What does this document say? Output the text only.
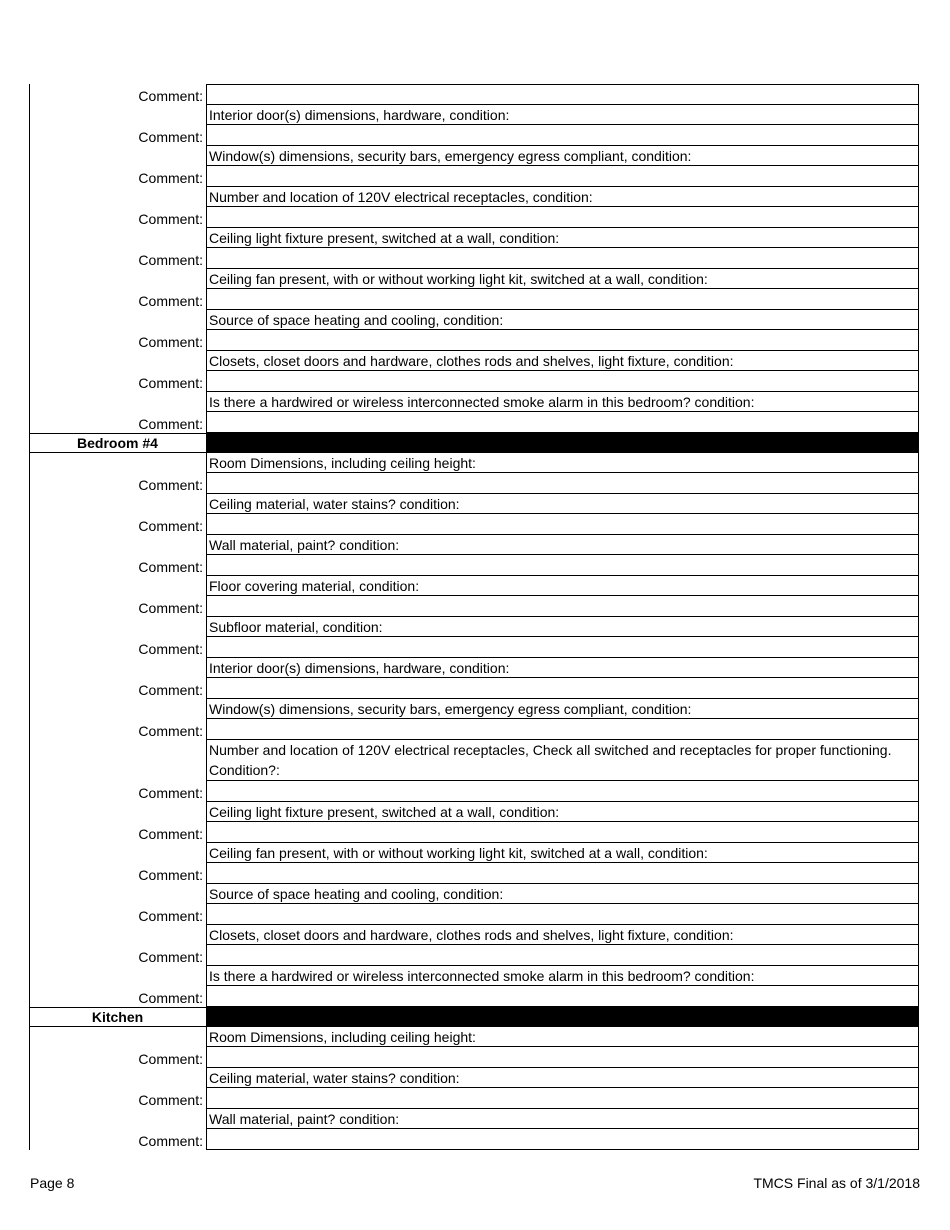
Comment:
Interior door(s) dimensions, hardware, condition:
Comment:
Window(s) dimensions, security bars, emergency egress compliant, condition:
Comment:
Number and location of 120V electrical receptacles, condition:
Comment:
Ceiling light fixture present, switched at a wall, condition:
Comment:
Ceiling fan present, with or without working light kit, switched at a wall, condition:
Comment:
Source of space heating and cooling, condition:
Comment:
Closets, closet doors and hardware, clothes rods and shelves, light fixture, condition:
Comment:
Is there a hardwired or wireless interconnected smoke alarm in this bedroom? condition:
Comment:
Bedroom #4
Room Dimensions, including ceiling height:
Comment:
Ceiling material, water stains? condition:
Comment:
Wall material, paint? condition:
Comment:
Floor covering material, condition:
Comment:
Subfloor material, condition:
Comment:
Interior door(s) dimensions, hardware, condition:
Comment:
Window(s) dimensions, security bars, emergency egress compliant, condition:
Comment:
Number and location of 120V electrical receptacles, Check all switched and receptacles for proper functioning. Condition?:
Comment:
Ceiling light fixture present, switched at a wall, condition:
Comment:
Ceiling fan present, with or without working light kit, switched at a wall, condition:
Comment:
Source of space heating and cooling, condition:
Comment:
Closets, closet doors and hardware, clothes rods and shelves, light fixture, condition:
Comment:
Is there a hardwired or wireless interconnected smoke alarm in this bedroom? condition:
Comment:
Kitchen
Room Dimensions, including ceiling height:
Comment:
Ceiling material, water stains? condition:
Comment:
Wall material, paint? condition:
Comment:
Page 8	TMCS Final as of 3/1/2018
